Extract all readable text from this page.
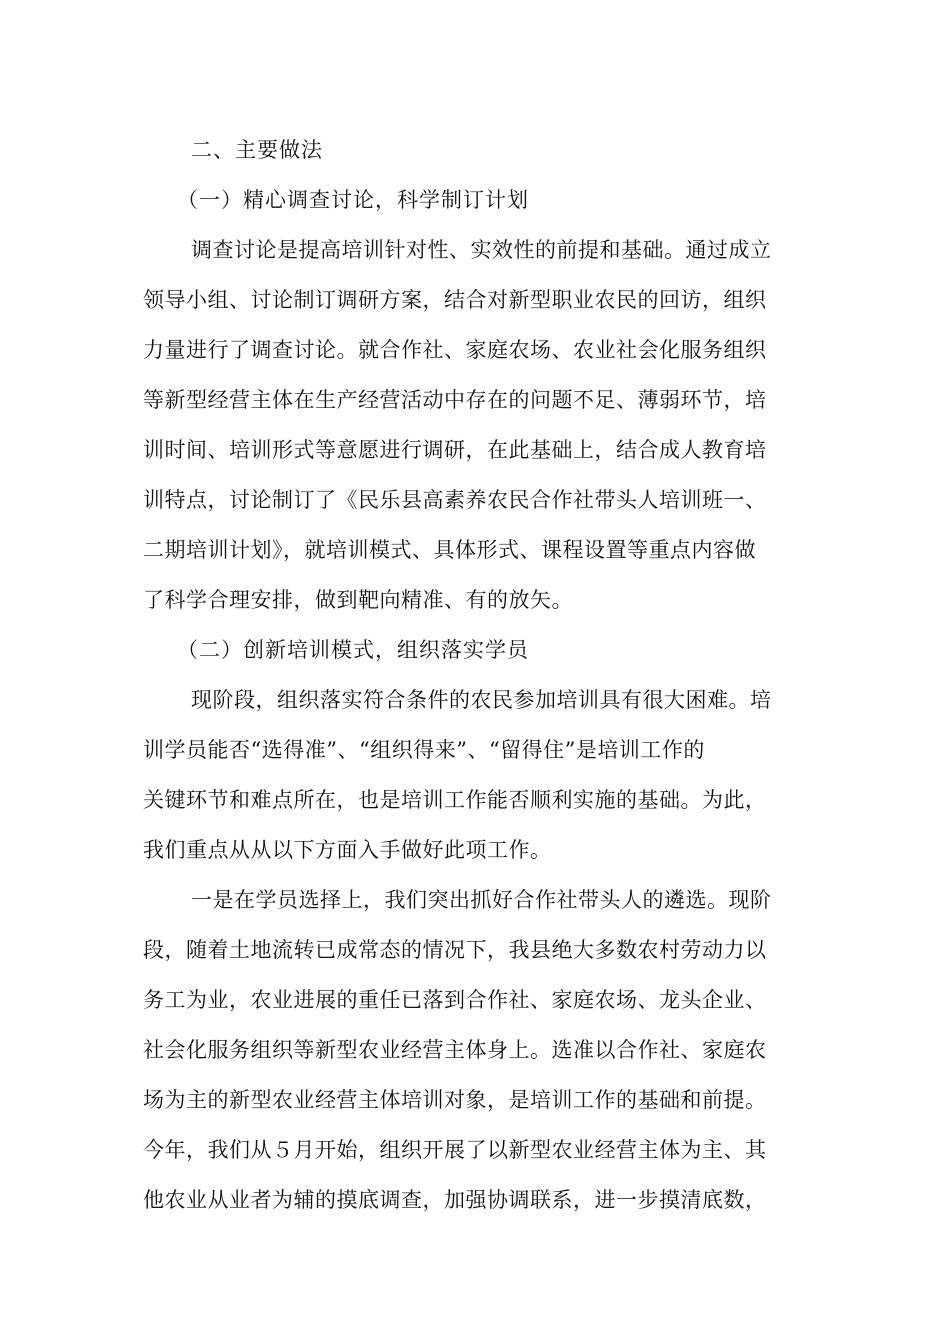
二、主要做法
（一）精心调查讨论，科学制订计划
调查讨论是提高培训针对性、实效性的前提和基础。通过成立
领导小组、讨论制订调研方案，结合对新型职业农民的回访，组织
力量进行了调查讨论。就合作社、家庭农场、农业社会化服务组织
等新型经营主体在生产经营活动中存在的问题不足、薄弱环节，培
训时间、培训形式等意愿进行调研，在此基础上，结合成人教育培
训特点，讨论制订了《民乐县高素养农民合作社带头人培训班一、
二期培训计划》，就培训模式、具体形式、课程设置等重点内容做
了科学合理安排，做到靶向精准、有的放矢。
（二）创新培训模式，组织落实学员
现阶段，组织落实符合条件的农民参加培训具有很大困难。培
训学员能否“选得准”、“组织得来”、“留得住”是培训工作的
关键环节和难点所在，也是培训工作能否顺利实施的基础。为此，
我们重点从从以下方面入手做好此项工作。
一是在学员选择上，我们突出抓好合作社带头人的遴选。现阶
段，随着土地流转已成常态的情况下，我县绝大多数农村劳动力以
务工为业，农业进展的重任已落到合作社、家庭农场、龙头企业、
社会化服务组织等新型农业经营主体身上。选准以合作社、家庭农
场为主的新型农业经营主体培训对象，是培训工作的基础和前提。
今年，我们从５月开始，组织开展了以新型农业经营主体为主、其
他农业从业者为辅的摸底调查，加强协调联系，进一步摸清底数，
